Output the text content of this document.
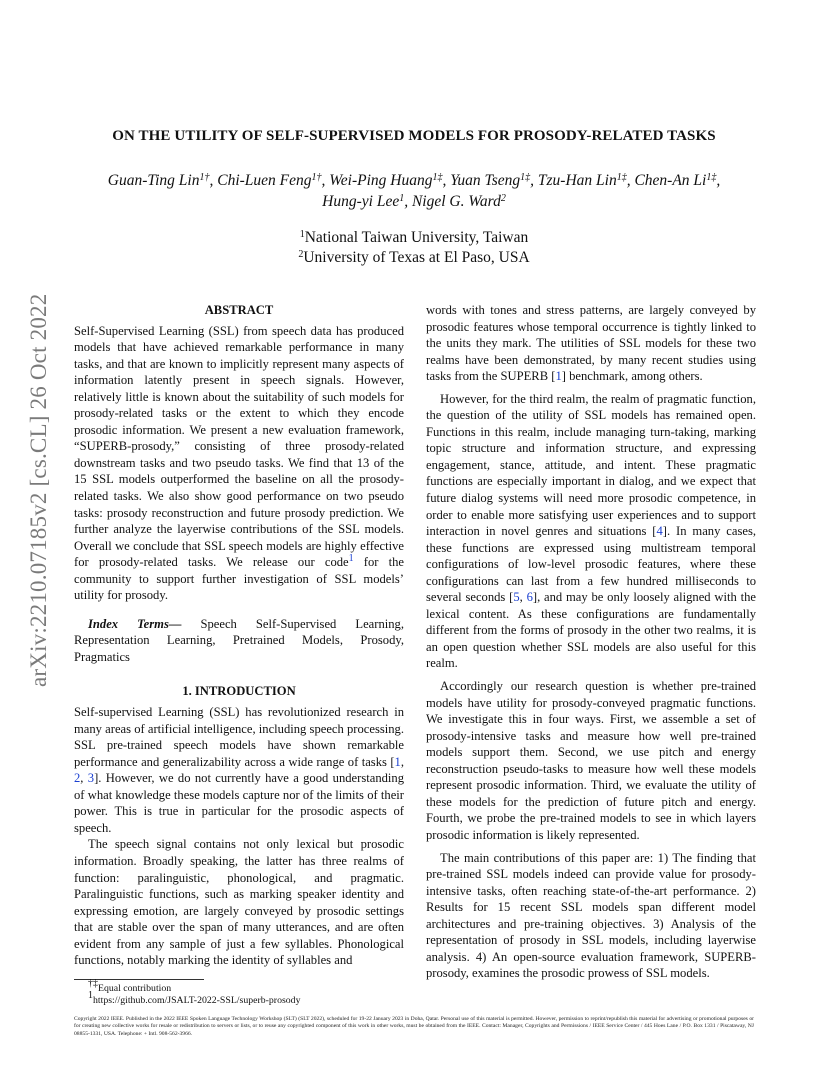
arXiv:2210.07185v2 [cs.CL] 26 Oct 2022
ON THE UTILITY OF SELF-SUPERVISED MODELS FOR PROSODY-RELATED TASKS
Guan-Ting Lin$^{1\dagger}$, Chi-Luen Feng$^{1\dagger}$, Wei-Ping Huang$^{1\ddagger}$, Yuan Tseng$^{1\ddagger}$, Tzu-Han Lin$^{1\ddagger}$, Chen-An $Li^{1\ddagger}$,
Hung-yi Lee$^1$, Nigel G. Ward$^2$
$^1$National Taiwan University, Taiwan
$^2$University of Texas at El Paso, USA
ABSTRACT

Self-Supervised Learning (SSL) from speech data has produced models that have achieved remarkable performance in many tasks, and that are known to implicitly represent many aspects of information latently present in speech signals. However, relatively little is known about the suitability of such models for prosody-related tasks or the extent to which they encode prosodic information. We present a new evaluation framework, “SUPERB-prosody,” consisting of three prosody-related downstream tasks and two pseudo tasks. We find that 13 of the 15 SSL models outperformed the baseline on all the prosody-related tasks. We also show good performance on two pseudo tasks: prosody reconstruction and future prosody prediction. We further analyze the layerwise contributions of the SSL models. Overall we conclude that SSL speech models are highly effective for prosody-related tasks. We release our code$^1$ for the community to support further investigation of SSL models’ utility for prosody.

Index Terms— Speech Self-Supervised Learning, Representation Learning, Pretrained Models, Prosody, Pragmatics

1. INTRODUCTION

Self-supervised Learning (SSL) has revolutionized research in many areas of artificial intelligence, including speech processing. SSL pre-trained speech models have shown remarkable performance and generalizability across a wide range of tasks [1, 2, 3]. However, we do not currently have a good understanding of what knowledge these models capture nor of the limits of their power. This is true in particular for the prosodic aspects of speech.

The speech signal contains not only lexical but prosodic information. Broadly speaking, the latter has three realms of function: paralinguistic, phonological, and pragmatic. Paralinguistic functions, such as marking speaker identity and expressing emotion, are largely conveyed by prosodic settings that are stable over the span of many utterances, and are often evident from any sample of just a few syllables. Phonological functions, notably marking the identity of syllables and

†‡Equal contribution

$^1$https://github.com/JSALT-2022-SSL/superb-prosody

words with tones and stress patterns, are largely conveyed by prosodic features whose temporal occurrence is tightly linked to the units they mark. The utilities of SSL models for these two realms have been demonstrated, by many recent studies using tasks from the SUPERB [1] benchmark, among others.

However, for the third realm, the realm of pragmatic function, the question of the utility of SSL models has remained open. Functions in this realm, include managing turn-taking, marking topic structure and information structure, and expressing engagement, stance, attitude, and intent. These pragmatic functions are especially important in dialog, and we expect that future dialog systems will need more prosodic competence, in order to enable more satisfying user experiences and to support interaction in novel genres and situations [4]. In many cases, these functions are expressed using multistream temporal configurations of low-level prosodic features, where these configurations can last from a few hundred milliseconds to several seconds [5, 6], and may be only loosely aligned with the lexical content. As these configurations are fundamentally different from the forms of prosody in the other two realms, it is an open question whether SSL models are also useful for this realm.

Accordingly our research question is whether pre-trained models have utility for prosody-conveyed pragmatic functions. We investigate this in four ways. First, we assemble a set of prosody-intensive tasks and measure how well pre-trained models support them. Second, we use pitch and energy reconstruction pseudo-tasks to measure how well these models represent prosodic information. Third, we evaluate the utility of these models for the prediction of future pitch and energy. Fourth, we probe the pre-trained models to see in which layers prosodic information is likely represented.

The main contributions of this paper are: 1) The finding that pre-trained SSL models indeed can provide value for prosody-intensive tasks, often reaching state-of-the-art performance. 2) Results for 15 recent SSL models span different model architectures and pre-training objectives. 3) Analysis of the representation of prosody in SSL models, including layerwise analysis. 4) An open-source evaluation framework, SUPERB-prosody, examines the prosodic prowess of SSL models.

Copyright 2022 IEEE. Published in the 2022 IEEE Spoken Language Technology Workshop (SLT) (SLT 2022), scheduled for 19-22 January 2023 in Doha, Qatar. Personal use of this material is permitted. However, permission to reprint/republish this material for advertising or promotional purposes or for creating new collective works for resale or redistribution to servers or lists, or to reuse any copyrighted component of this work in other works, must be obtained from the IEEE. Contact: Manager, Copyrights and Permissions / IEEE Service Center / 445 Hoes Lane / P.O. Box 1331 / Piscataway, NJ 08855-1331, USA. Telephone: + Intl. 908-562-3966.
